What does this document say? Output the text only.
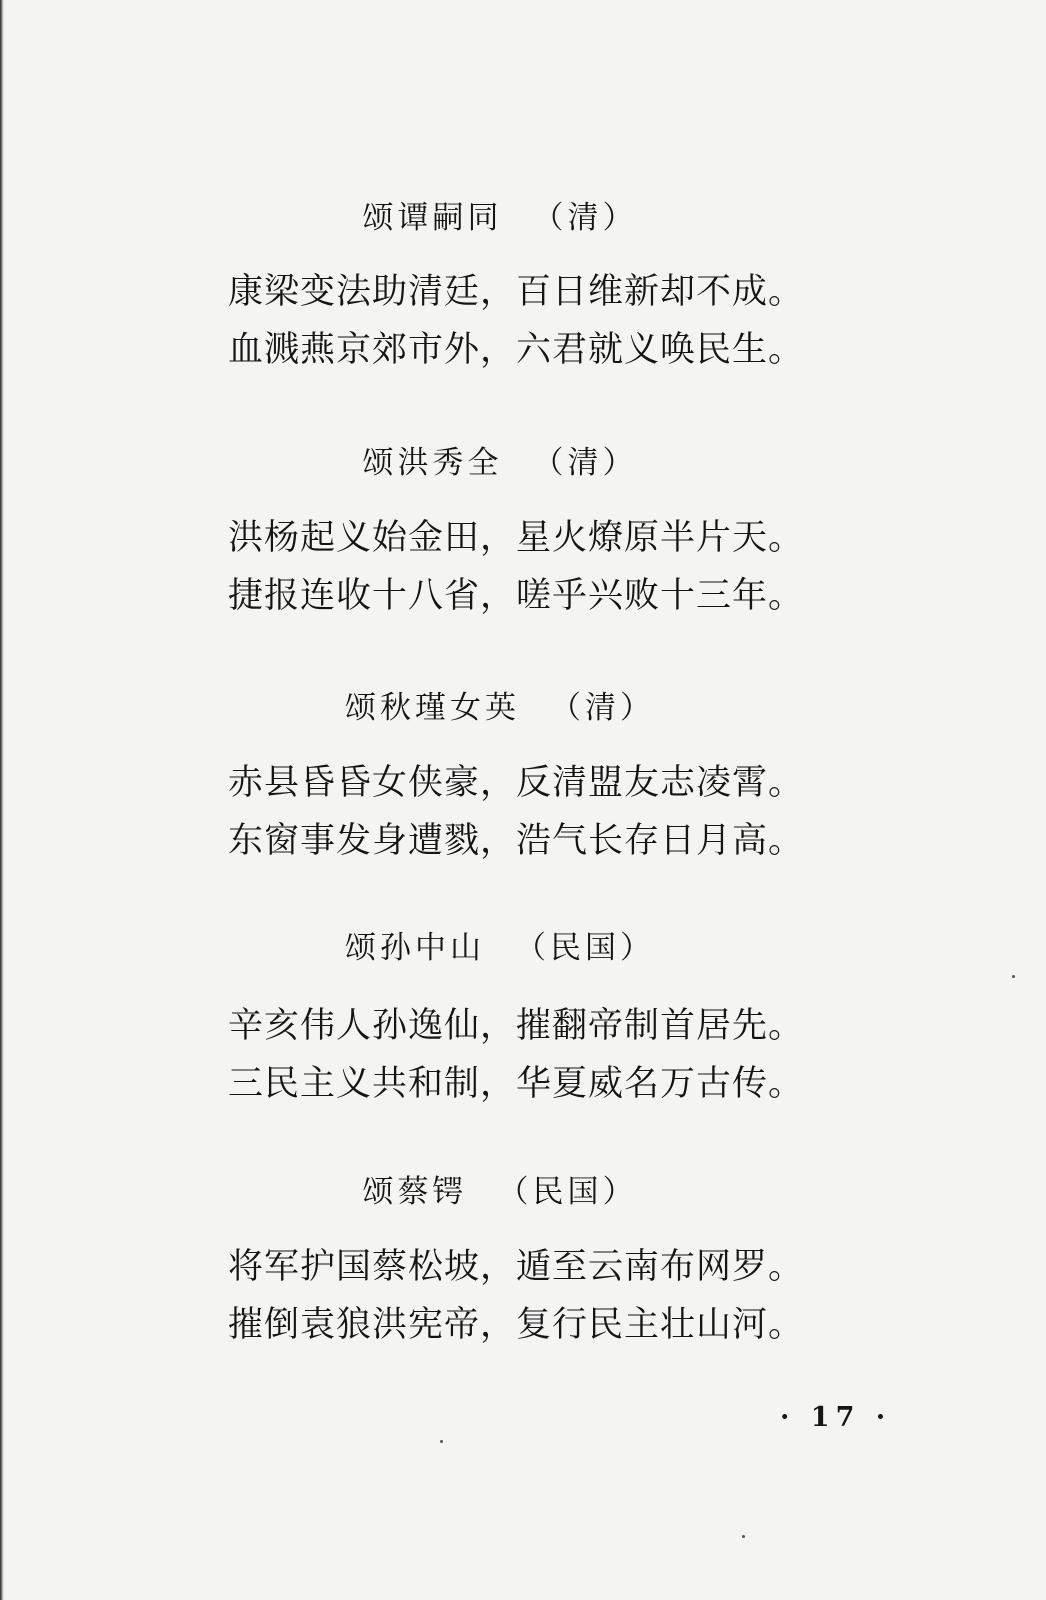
颂谭嗣同 （清）
康梁变法助清廷，百日维新却不成。
血溅燕京郊市外，六君就义唤民生。
颂洪秀全 （清）
洪杨起义始金田，星火燎原半片天。
捷报连收十八省，嗟乎兴败十三年。
颂秋瑾女英 （清）
赤县昏昏女侠豪，反清盟友志凌霄。
东窗事发身遭戮，浩气长存日月高。
颂孙中山 （民国）
辛亥伟人孙逸仙，摧翻帝制首居先。
三民主义共和制，华夏威名万古传。
颂蔡锷 （民国）
将军护国蔡松坡，遁至云南布网罗。
摧倒袁狼洪宪帝，复行民主壮山河。
· 17 ·
